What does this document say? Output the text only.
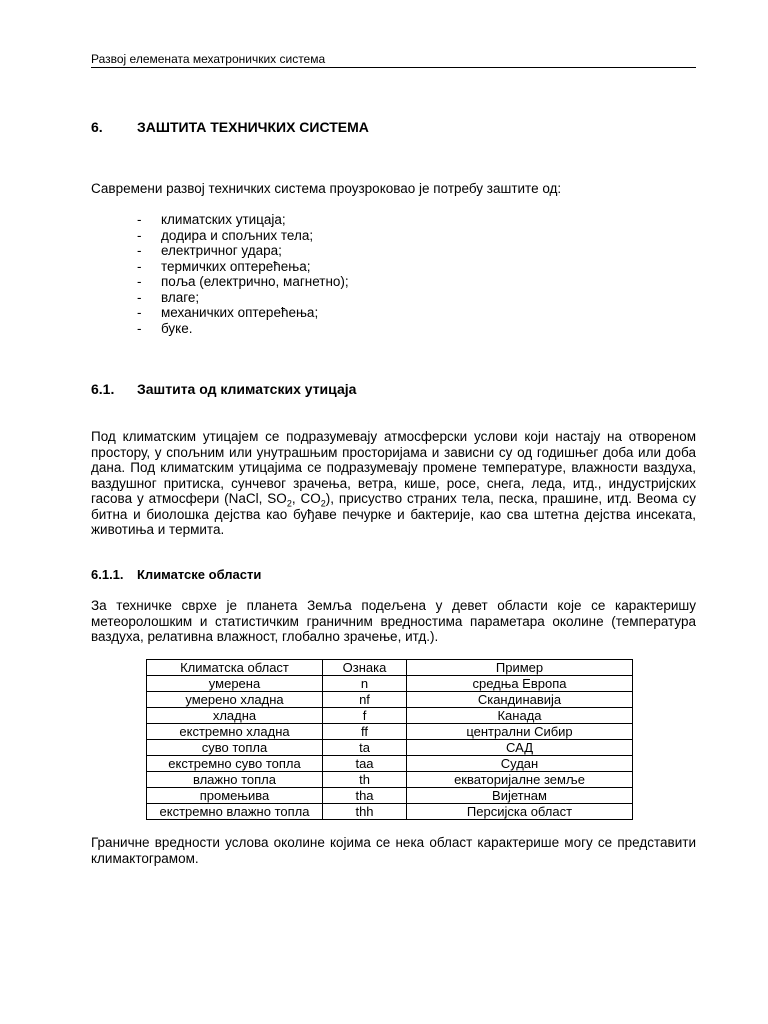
Развој елемената мехатроничких система
6. ЗАШТИТА ТЕХНИЧКИХ СИСТЕМА

Савремени развој техничких система проузроковао је потребу заштите од:

- климатских утицаја;
- додира и спољних тела;
- електричног удара;
- термичких оптерећења;
- поља (електрично, магнетно);
- влаге;
- механичких оптерећења;
- буке.
6.1. Заштита од климатских утицаја

Под климатским утицајем се подразумевају атмосферски услови који настају на отвореном простору, у спољним или унутрашњим просторијама и зависни су од годишњег доба или доба дана. Под климатским утицајима се подразумевају промене температуре, влажности ваздуха, ваздушног притиска, сунчевог зрачења, ветра, кише, росе, снега, леда, итд., индустријских гасова у атмосфери (NaCl, $SO_2$, $CO_2$), присуство страних тела, песка, прашине, итд. Веома су битна и биолошка дејства као буђаве печурке и бактерије, као сва штетна дејства инсеката, животиња и термита.

6.1.1. Климатске области

За техничке сврхе је планета Земља подељена у девет области које се карактеришу метеоролошким и статистичким граничним вредностима параметара околине (температура ваздуха, релативна влажност, глобално зрачење, итд.).

Климатска област	Ознака	Пример
умерена	n	средња Европа
умерено хладна	nf	Скандинавија
хладна	f	Канада
екстремно хладна	ff	централни Сибир
суво топла	ta	САД
екстремно суво топла	taa	Судан
влажно топла	th	екваторијалне земље
промењива	tha	Вијетнам
екстремно влажно топла	thh	Персијска област

Граничне вредности услова околине којима се нека област карактерише могу се представити климактограмом.
